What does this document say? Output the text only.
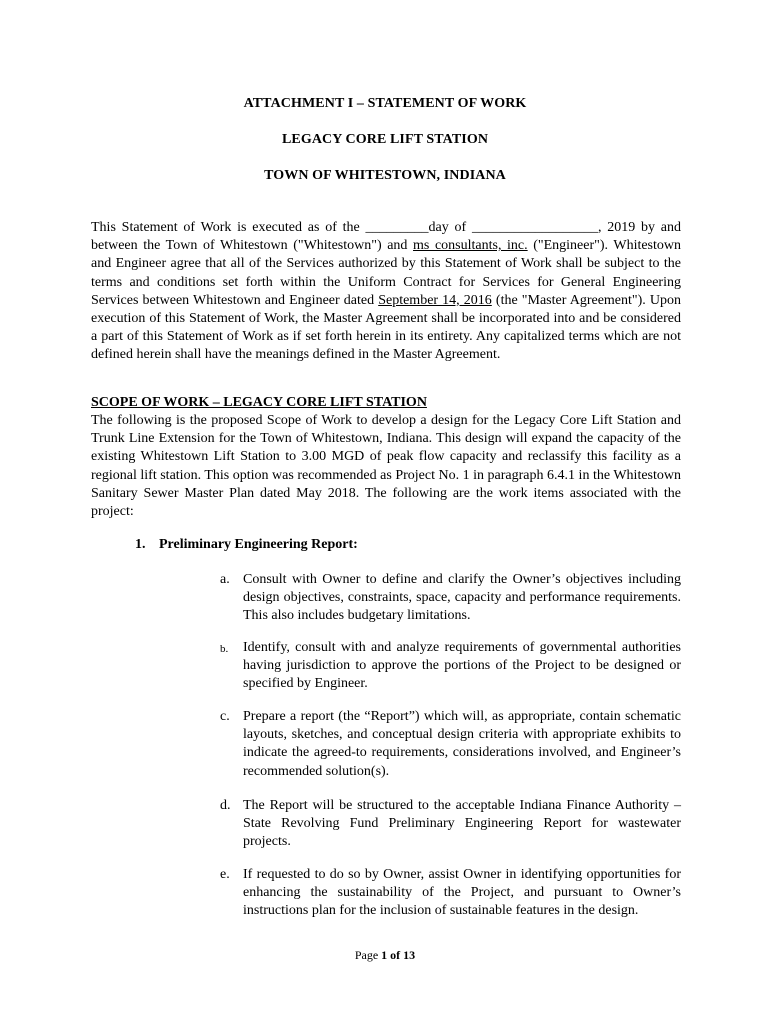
ATTACHMENT I – STATEMENT OF WORK
LEGACY CORE LIFT STATION
TOWN OF WHITESTOWN, INDIANA
This Statement of Work is executed as of the _________day of __________________, 2019 by and between the Town of Whitestown ("Whitestown") and ms consultants, inc. ("Engineer"). Whitestown and Engineer agree that all of the Services authorized by this Statement of Work shall be subject to the terms and conditions set forth within the Uniform Contract for Services for General Engineering Services between Whitestown and Engineer dated September 14, 2016 (the "Master Agreement"). Upon execution of this Statement of Work, the Master Agreement shall be incorporated into and be considered a part of this Statement of Work as if set forth herein in its entirety. Any capitalized terms which are not defined herein shall have the meanings defined in the Master Agreement.
SCOPE OF WORK – LEGACY CORE LIFT STATION
The following is the proposed Scope of Work to develop a design for the Legacy Core Lift Station and Trunk Line Extension for the Town of Whitestown, Indiana. This design will expand the capacity of the existing Whitestown Lift Station to 3.00 MGD of peak flow capacity and reclassify this facility as a regional lift station. This option was recommended as Project No. 1 in paragraph 6.4.1 in the Whitestown Sanitary Sewer Master Plan dated May 2018. The following are the work items associated with the project:
1. Preliminary Engineering Report:
a. Consult with Owner to define and clarify the Owner’s objectives including design objectives, constraints, space, capacity and performance requirements. This also includes budgetary limitations.
b. Identify, consult with and analyze requirements of governmental authorities having jurisdiction to approve the portions of the Project to be designed or specified by Engineer.
c. Prepare a report (the “Report”) which will, as appropriate, contain schematic layouts, sketches, and conceptual design criteria with appropriate exhibits to indicate the agreed-to requirements, considerations involved, and Engineer’s recommended solution(s).
d. The Report will be structured to the acceptable Indiana Finance Authority – State Revolving Fund Preliminary Engineering Report for wastewater projects.
e. If requested to do so by Owner, assist Owner in identifying opportunities for enhancing the sustainability of the Project, and pursuant to Owner’s instructions plan for the inclusion of sustainable features in the design.
Page 1 of 13
